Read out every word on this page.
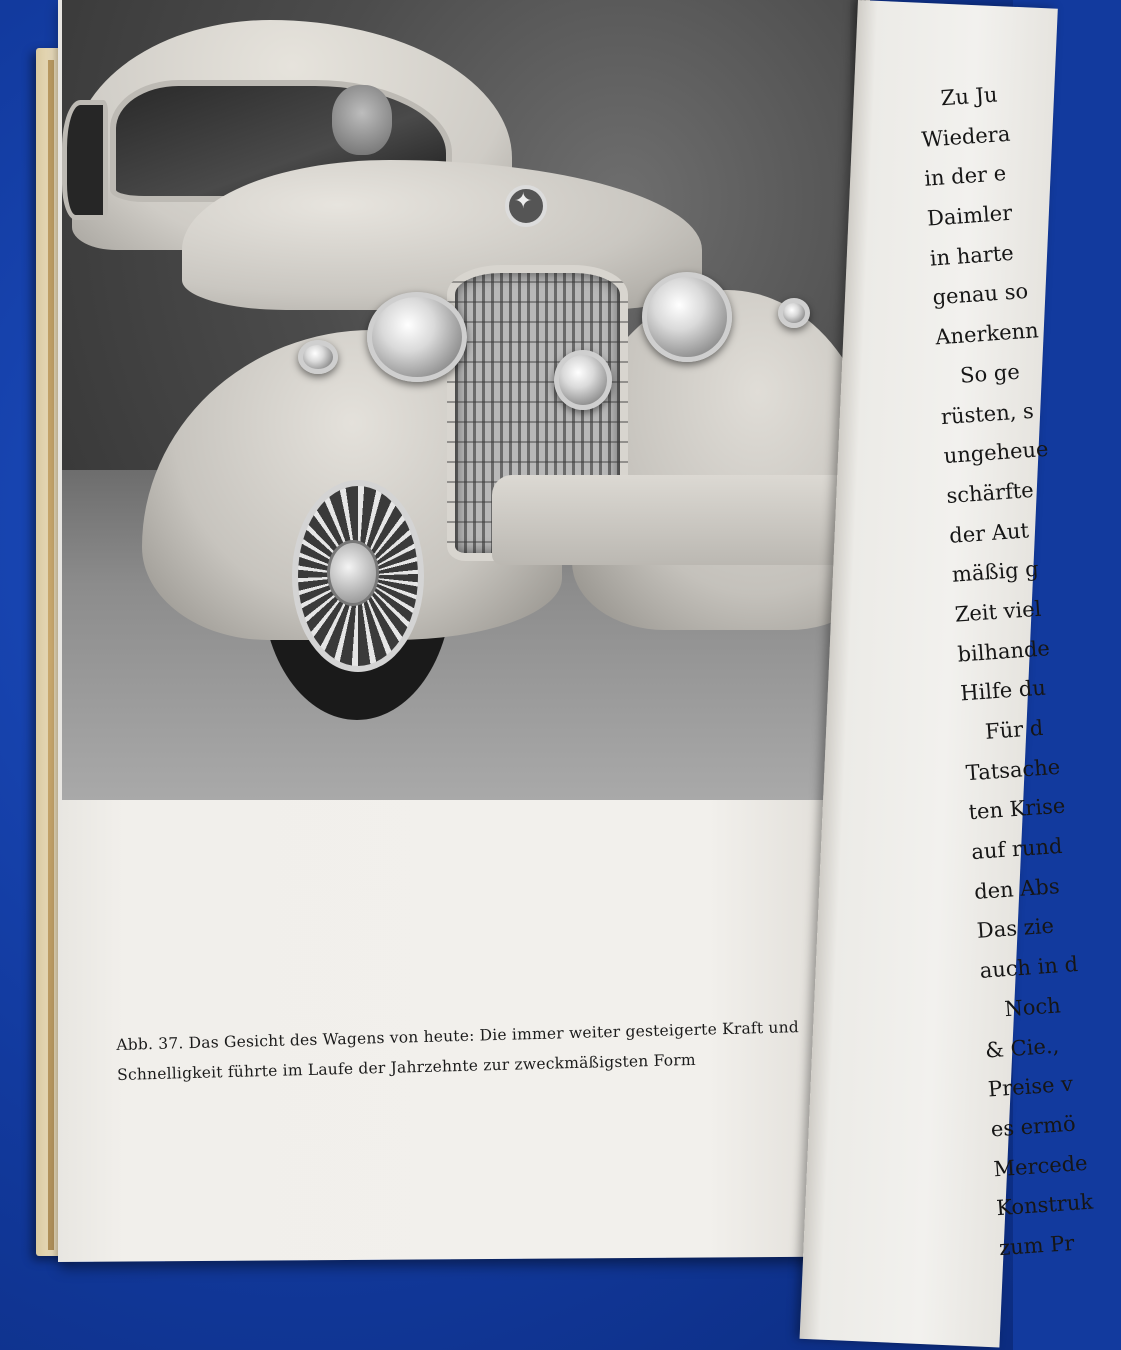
✦
Abb. 37. Das Gesicht des Wagens von heute: Die immer weiter gesteigerte Kraft und
Schnelligkeit führte im Laufe der Jahrzehnte zur zweckmäßigsten Form
Zu Ju
Wiedera
in der e
Daimler
in harte
genau so
Anerkenn
So ge
rüsten, s
ungeheue
schärfte
der Aut
mäßig g
Zeit viel
bilhande
Hilfe du
Für d
Tatsache
ten Krise
auf rund
den Abs
Das zie
auch in d
Noch
& Cie.,
Preise v
es ermö
Mercede
Konstruk
zum Pr
